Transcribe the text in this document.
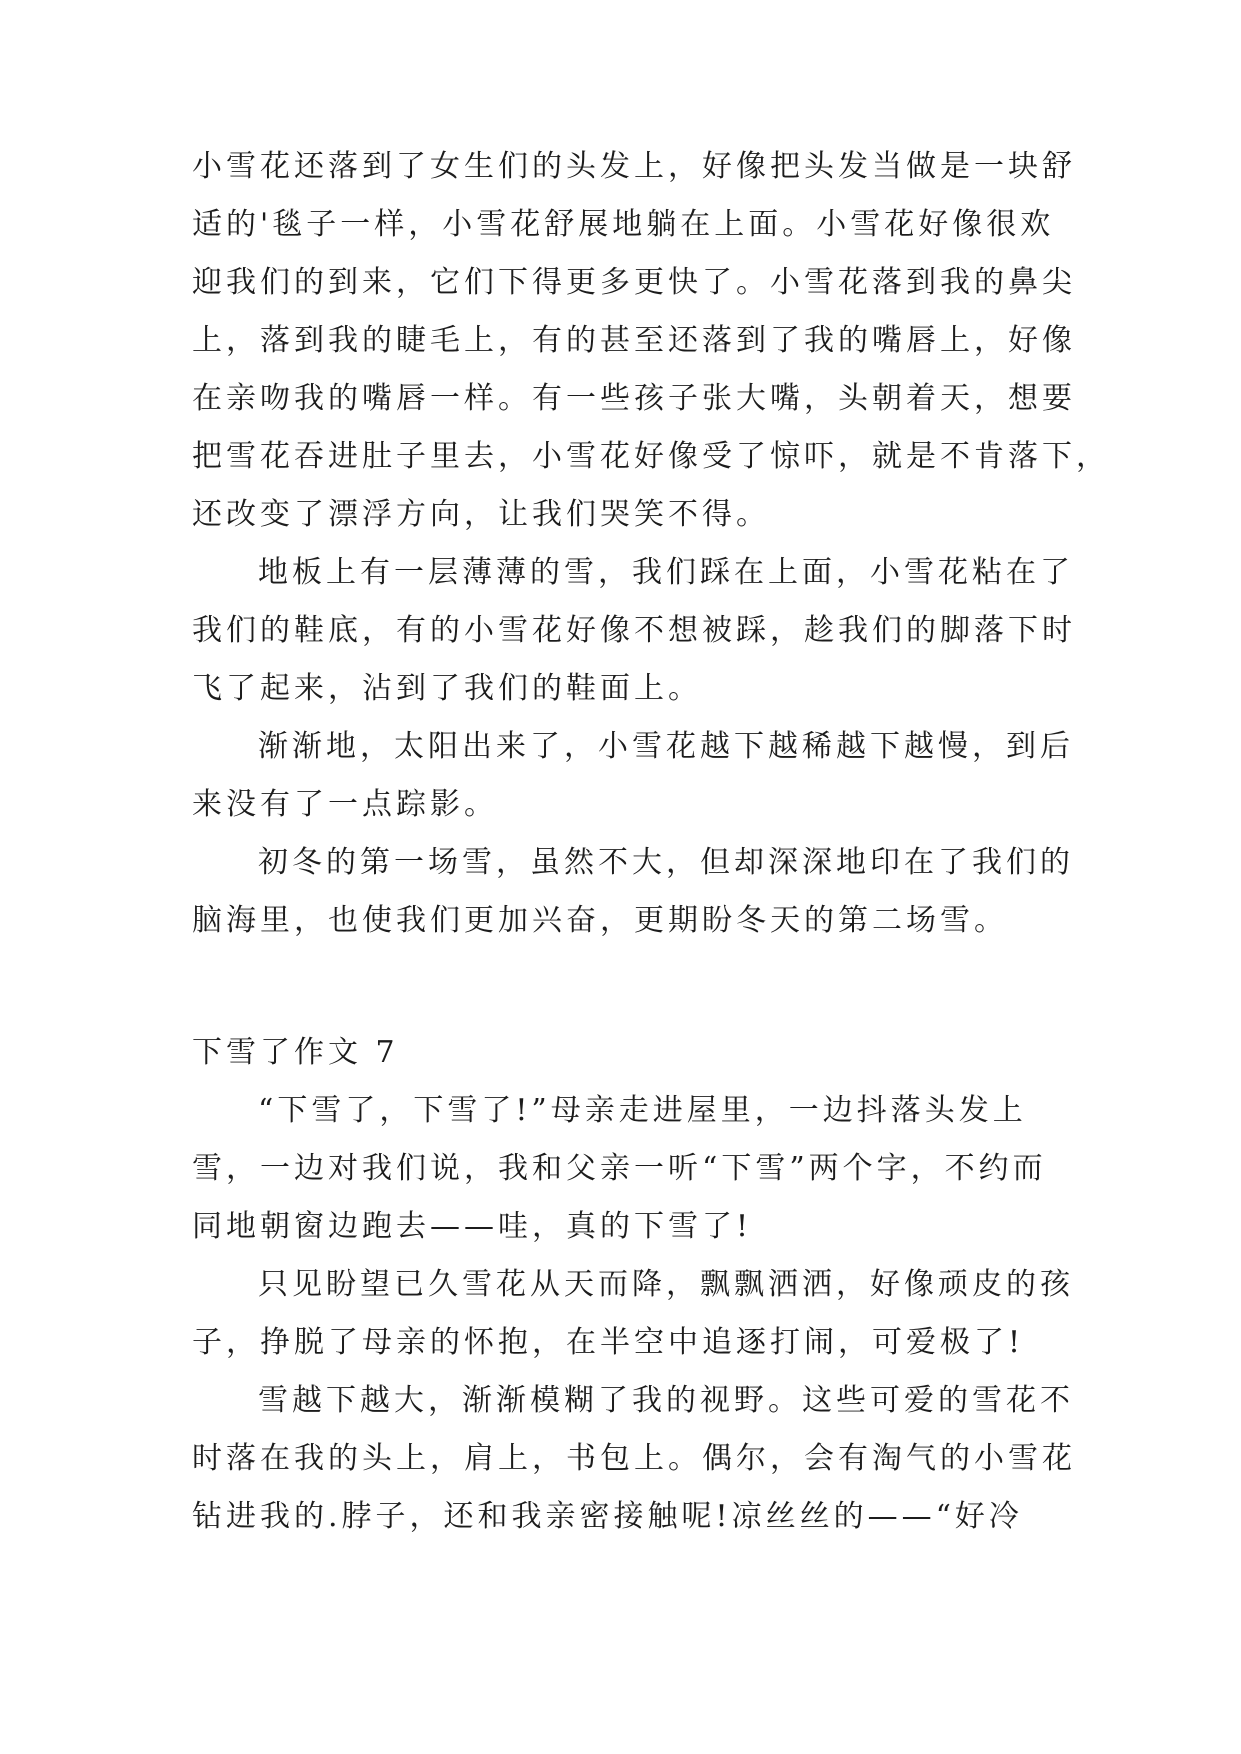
小雪花还落到了女生们的头发上，好像把头发当做是一块舒
适的'毯子一样，小雪花舒展地躺在上面。小雪花好像很欢
迎我们的到来，它们下得更多更快了。小雪花落到我的鼻尖
上，落到我的睫毛上，有的甚至还落到了我的嘴唇上，好像
在亲吻我的嘴唇一样。有一些孩子张大嘴，头朝着天，想要
把雪花吞进肚子里去，小雪花好像受了惊吓，就是不肯落下，
还改变了漂浮方向，让我们哭笑不得。
地板上有一层薄薄的雪，我们踩在上面，小雪花粘在了
我们的鞋底，有的小雪花好像不想被踩，趁我们的脚落下时
飞了起来，沾到了我们的鞋面上。
渐渐地，太阳出来了，小雪花越下越稀越下越慢，到后
来没有了一点踪影。
初冬的第一场雪，虽然不大，但却深深地印在了我们的
脑海里，也使我们更加兴奋，更期盼冬天的第二场雪。
下雪了作文 7
“下雪了，下雪了!”母亲走进屋里，一边抖落头发上
雪，一边对我们说，我和父亲一听“下雪”两个字，不约而
同地朝窗边跑去——哇，真的下雪了!
只见盼望已久雪花从天而降，飘飘洒洒，好像顽皮的孩
子，挣脱了母亲的怀抱，在半空中追逐打闹，可爱极了!
雪越下越大，渐渐模糊了我的视野。这些可爱的雪花不
时落在我的头上，肩上，书包上。偶尔，会有淘气的小雪花
钻进我的.脖子，还和我亲密接触呢!凉丝丝的——“好冷
